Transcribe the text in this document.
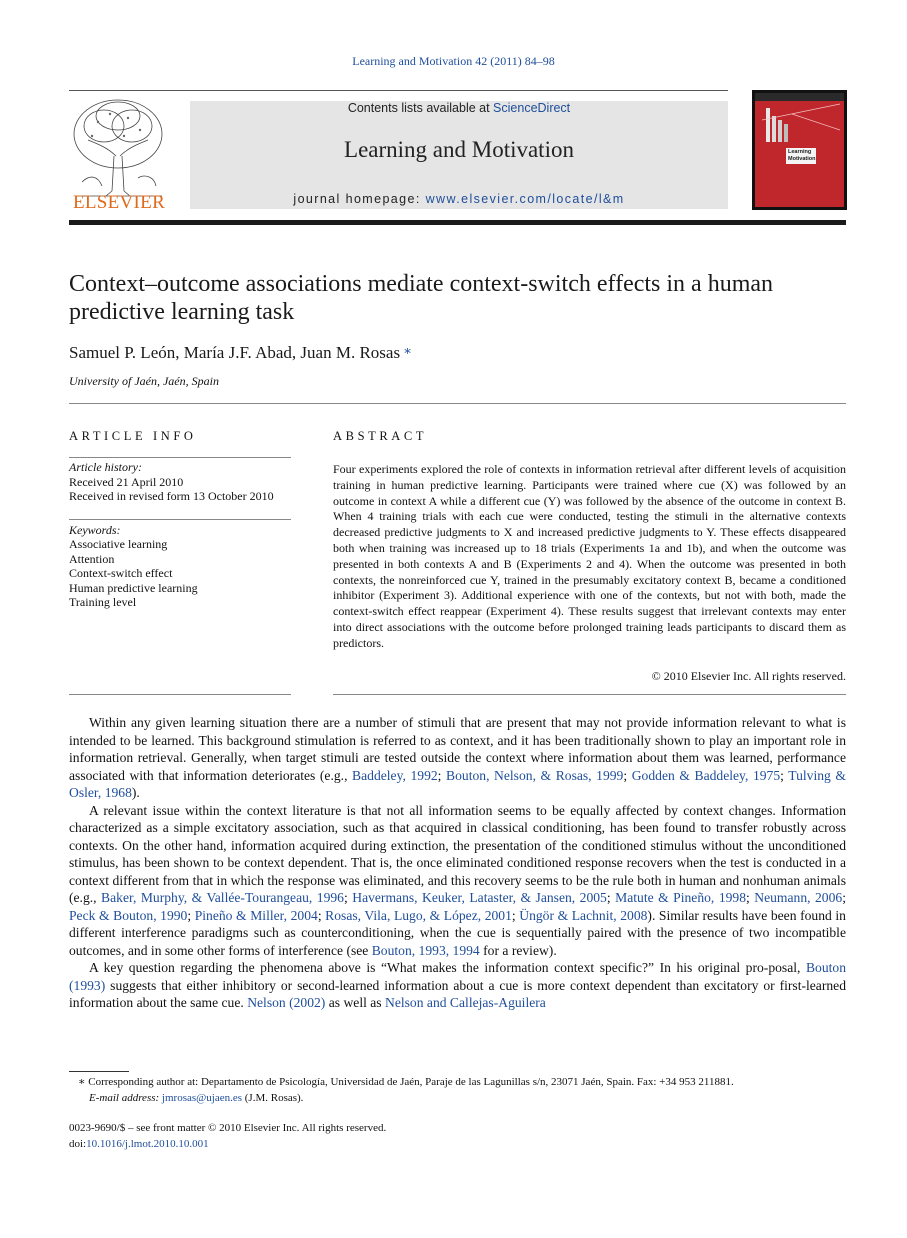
Learning and Motivation 42 (2011) 84–98
ELSEVIER
Contents lists available at ScienceDirect
Learning and Motivation
journal homepage: www.elsevier.com/locate/l&m
Learning
Motivation
Context–outcome associations mediate context-switch effects in a human predictive learning task
Samuel P. León, María J.F. Abad, Juan M. Rosas ∗
University of Jaén, Jaén, Spain
ARTICLE INFO
Article history:
Received 21 April 2010
Received in revised form 13 October 2010
Keywords:
Associative learning
Attention
Context-switch effect
Human predictive learning
Training level
ABSTRACT
Four experiments explored the role of contexts in information retrieval after different levels of acquisition training in human predictive learning. Participants were trained where cue (X) was followed by an outcome in context A while a different cue (Y) was followed by the absence of the outcome in context B. When 4 training trials with each cue were conducted, testing the stimuli in the alternative contexts decreased predictive judgments to X and increased predictive judgments to Y. These effects disappeared both when training was increased up to 18 trials (Experiments 1a and 1b), and when the outcome was presented in both contexts A and B (Experiments 2 and 4). When the outcome was presented in both contexts, the nonreinforced cue Y, trained in the presumably excitatory context B, became a conditioned inhibitor (Experiment 3). Additional experience with one of the contexts, but not with both, made the context-switch effect reappear (Experiment 4). These results suggest that irrelevant contexts may enter into direct associations with the outcome before prolonged training leads participants to discard them as predictors.
© 2010 Elsevier Inc. All rights reserved.

Within any given learning situation there are a number of stimuli that are present that may not provide information relevant to what is intended to be learned. This background stimulation is referred to as context, and it has been traditionally shown to play an important role in information retrieval. Generally, when target stimuli are tested outside the context where information about them was learned, performance associated with that information deteriorates (e.g., Baddeley, 1992; Bouton, Nelson, & Rosas, 1999; Godden & Baddeley, 1975; Tulving & Osler, 1968).

A relevant issue within the context literature is that not all information seems to be equally affected by context changes. Information characterized as a simple excitatory association, such as that acquired in classical conditioning, has been found to transfer robustly across contexts. On the other hand, information acquired during extinction, the presentation of the conditioned stimulus without the unconditioned stimulus, has been shown to be context dependent. That is, the once eliminated conditioned response recovers when the test is conducted in a context different from that in which the response was eliminated, and this recovery seems to be the rule both in human and nonhuman animals (e.g., Baker, Murphy, & Vallée-Tourangeau, 1996; Havermans, Keuker, Lataster, & Jansen, 2005; Matute & Pineño, 1998; Neumann, 2006; Peck & Bouton, 1990; Pineño & Miller, 2004; Rosas, Vila, Lugo, & López, 2001; Üngör & Lachnit, 2008). Similar results have been found in different interference paradigms such as counterconditioning, when the cue is sequentially paired with the presence of two incompatible outcomes, and in some other forms of interference (see Bouton, 1993, 1994 for a review).

A key question regarding the phenomena above is “What makes the information context specific?” In his original pro-posal, Bouton (1993) suggests that either inhibitory or second-learned information about a cue is more context dependent than excitatory or first-learned information about the same cue. Nelson (2002) as well as Nelson and Callejas-Aguilera

∗ Corresponding author at: Departamento de Psicología, Universidad de Jaén, Paraje de las Lagunillas s/n, 23071 Jaén, Spain. Fax: +34 953 211881.
E-mail address: jmrosas@ujaen.es (J.M. Rosas).
0023-9690/$ – see front matter © 2010 Elsevier Inc. All rights reserved.
doi:10.1016/j.lmot.2010.10.001
